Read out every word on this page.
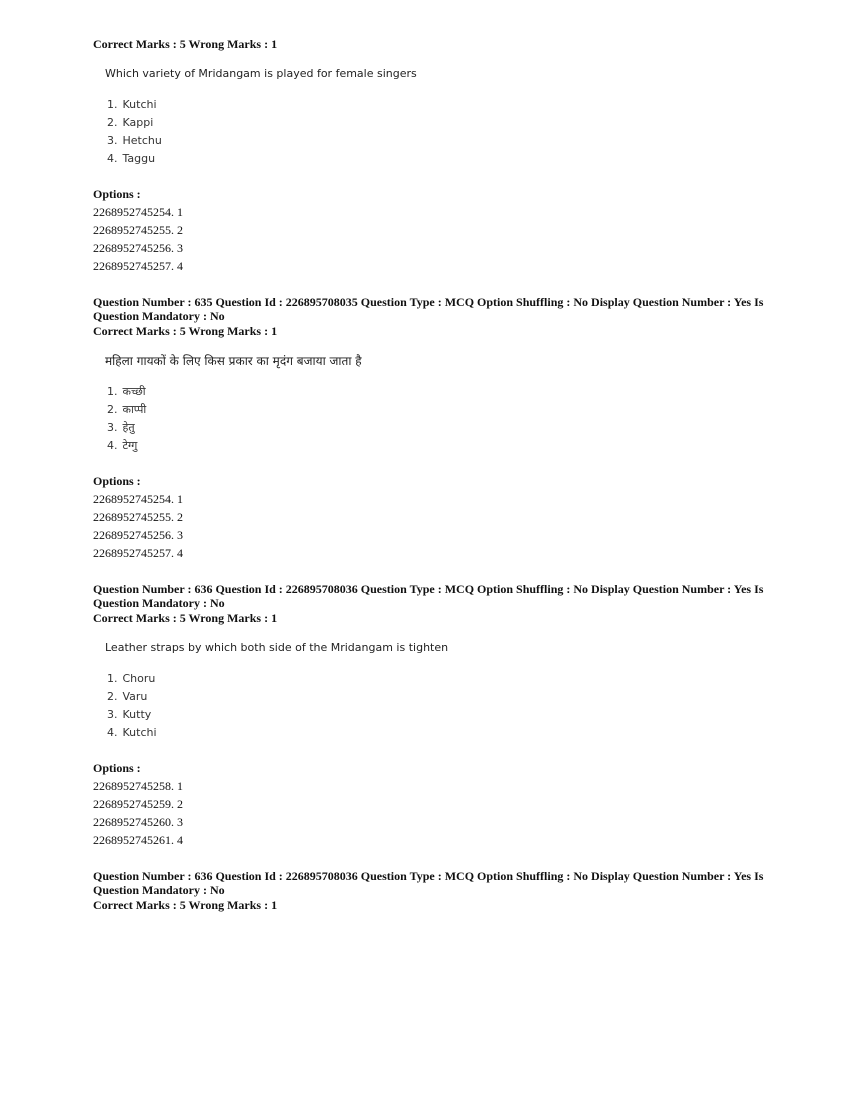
Correct Marks : 5 Wrong Marks : 1
Which variety of Mridangam is played for female singers
1.
Kutchi
2.
Kappi
3.
Hetchu
4.
Taggu
Options :
2268952745254. 1
2268952745255. 2
2268952745256. 3
2268952745257. 4
Question Number : 635 Question Id : 226895708035 Question Type : MCQ Option Shuffling : No Display Question Number : Yes Is Question Mandatory : No
Correct Marks : 5 Wrong Marks : 1
महिला गायकों के लिए किस प्रकार का मृदंग बजाया जाता है
1.
कच्छी
2.
काप्पी
3.
हेतु
4.
टेग्गु
Options :
2268952745254. 1
2268952745255. 2
2268952745256. 3
2268952745257. 4
Question Number : 636 Question Id : 226895708036 Question Type : MCQ Option Shuffling : No Display Question Number : Yes Is Question Mandatory : No
Correct Marks : 5 Wrong Marks : 1
Leather straps by which both side of the Mridangam is tighten
1.
Choru
2.
Varu
3.
Kutty
4.
Kutchi
Options :
2268952745258. 1
2268952745259. 2
2268952745260. 3
2268952745261. 4
Question Number : 636 Question Id : 226895708036 Question Type : MCQ Option Shuffling : No Display Question Number : Yes Is Question Mandatory : No
Correct Marks : 5 Wrong Marks : 1
